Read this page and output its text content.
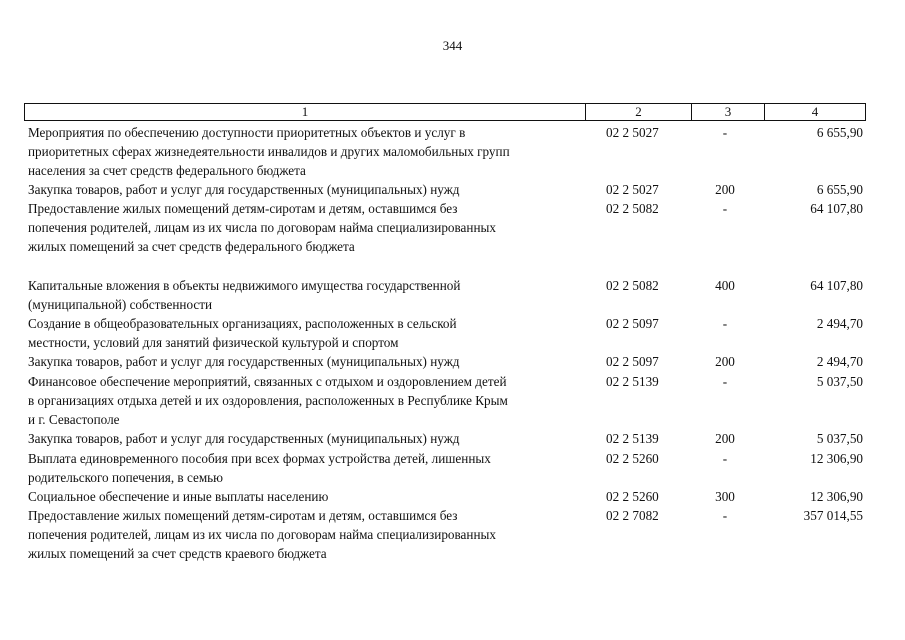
344
1	2	3	4
Мероприятия по обеспечению доступности приоритетных объектов и услуг в
приоритетных сферах жизнедеятельности инвалидов и других маломобильных групп
населения за счет средств федерального бюджета
02 2 5027	-	6 655,90
Закупка товаров, работ и услуг для государственных (муниципальных) нужд	02 2 5027	200	6 655,90
Предоставление жилых помещений детям-сиротам и детям, оставшимся без
попечения родителей, лицам из их числа по договорам найма специализированных
жилых помещений за счет средств федерального бюджета
02 2 5082	-	64 107,80
Капитальные вложения в объекты недвижимого имущества государственной
(муниципальной) собственности
02 2 5082	400	64 107,80
Создание в общеобразовательных организациях, расположенных в сельской
местности, условий для занятий физической культурой и спортом
02 2 5097	-	2 494,70
Закупка товаров, работ и услуг для государственных (муниципальных) нужд	02 2 5097	200	2 494,70
Финансовое обеспечение мероприятий, связанных с отдыхом и оздоровлением детей
в организациях отдыха детей и их оздоровления, расположенных в Республике Крым
и г. Севастополе
02 2 5139	-	5 037,50
Закупка товаров, работ и услуг для государственных (муниципальных) нужд	02 2 5139	200	5 037,50
Выплата единовременного пособия при всех формах устройства детей, лишенных
родительского попечения, в семью
02 2 5260	-	12 306,90
Социальное обеспечение и иные выплаты населению	02 2 5260	300	12 306,90
Предоставление жилых помещений детям-сиротам и детям, оставшимся без
попечения родителей, лицам из их числа по договорам найма специализированных
жилых помещений за счет средств краевого бюджета
02 2 7082	-	357 014,55
